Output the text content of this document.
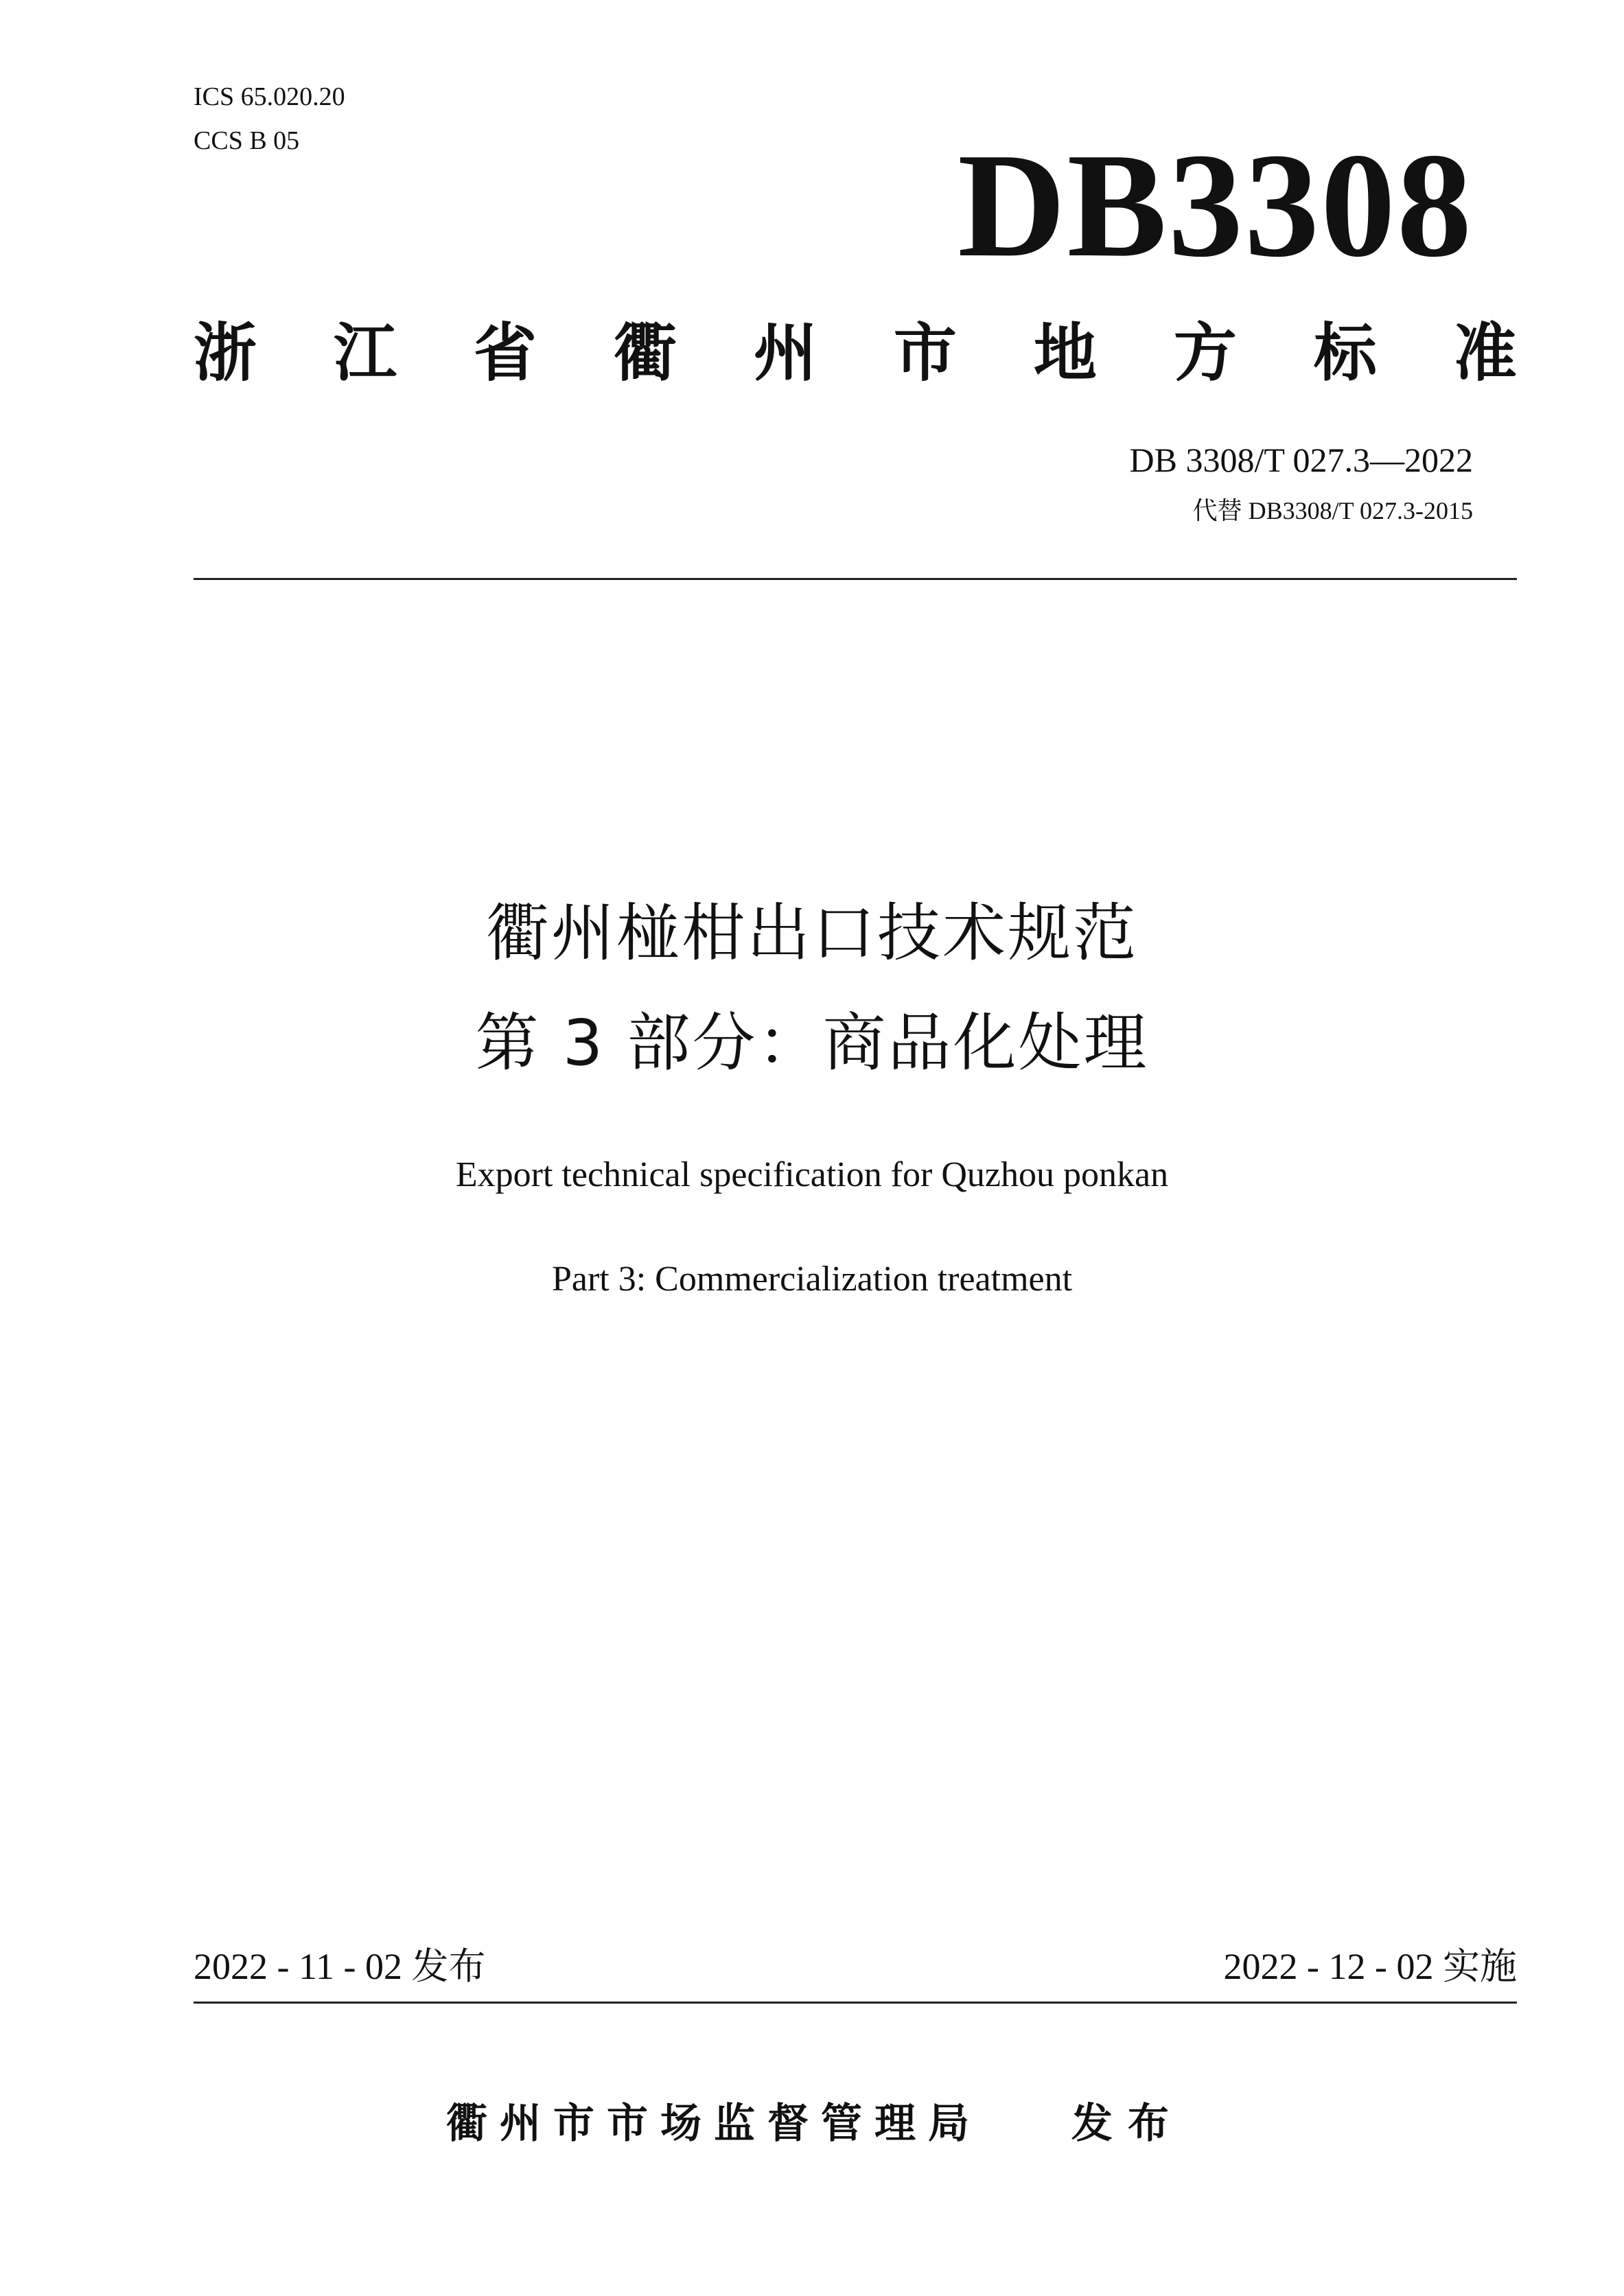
ICS 65.020.20
CCS B 05	DB3308
浙 江 省 衢 州 市 地 方 标 准
DB 3308/T 027.3—2022
代替 DB3308/T 027.3-2015
衢州椪柑出口技术规范
第 3 部分：商品化处理
Export technical specification for Quzhou ponkan
Part 3: Commercialization treatment
2022 - 11 - 02 发布	2022 - 12 - 02 实施
衢州市市场监督管理局 发布
